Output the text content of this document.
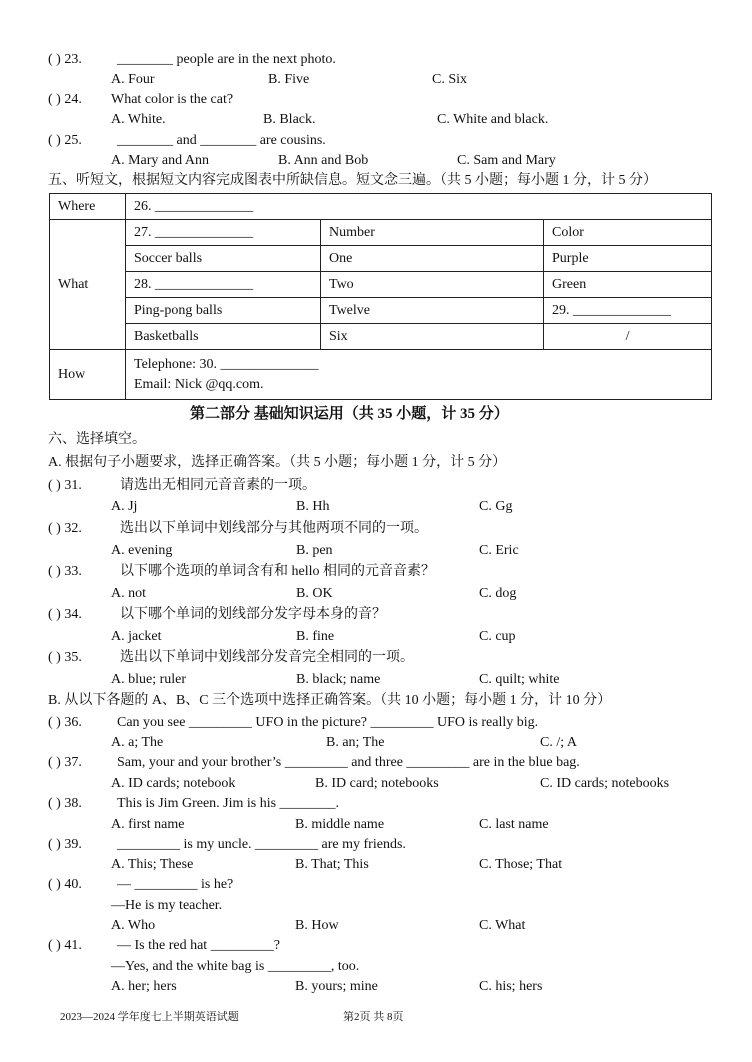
( ) 23.	________ people are in the next photo.
A. Four	B. Five	C. Six
( ) 24. What color is the cat?
A. White.	B. Black.	C. White and black.
( ) 25.	________ and ________ are cousins.
A. Mary and Ann	B. Ann and Bob	C. Sam and Mary
五、听短文，根据短文内容完成图表中所缺信息。短文念三遍。（共 5 小题；每小题 1 分，计 5 分）
Where	26. ______________		
What	27. ______________	Number	Color
	Soccer balls	One	Purple
	28. ______________	Two	Green
	Ping-pong balls	Twelve	29. ______________
	Basketballs	Six	/
How	Telephone: 30. ______________
Email: Nick @qq.com.		
第二部分 基础知识运用（共 35 小题，计 35 分）
六、选择填空。
A. 根据句子小题要求，选择正确答案。（共 5 小题；每小题 1 分，计 5 分）
( ) 31.	请选出无相同元音音素的一项。
A. Jj	B. Hh	C. Gg
( ) 32.	选出以下单词中划线部分与其他两项不同的一项。
A. evening	B. pen	C. Eric
( ) 33.	以下哪个选项的单词含有和 hello 相同的元音音素？
A. not	B. OK	C. dog
( ) 34.	以下哪个单词的划线部分发字母本身的音？
A. jacket	B. fine	C. cup
( ) 35.	选出以下单词中划线部分发音完全相同的一项。
A. blue; ruler	B. black; name	C. quilt; white
B. 从以下各题的 A、B、C 三个选项中选择正确答案。（共 10 小题；每小题 1 分，计 10 分）
( ) 36.	Can you see _________ UFO in the picture? _________ UFO is really big.
A. a; The	B. an; The	C. /; A
( ) 37.	Sam, your and your brother’s _________ and three _________ are in the blue bag.
A. ID cards; notebook	B. ID card; notebooks	C. ID cards; notebooks
( ) 38.	This is Jim Green. Jim is his ________.
A. first name	B. middle name	C. last name
( ) 39.	_________ is my uncle. _________ are my friends.
A. This; These	B. That; This	C. Those; That
( ) 40.	— _________ is he?
—He is my teacher.
A. Who	B. How	C. What
( ) 41.	— Is the red hat _________?
—Yes, and the white bag is _________, too.
A. her; hers	B. yours; mine	C. his; hers
2023—2024 学年度七上半期英语试题	第2页 共 8页
